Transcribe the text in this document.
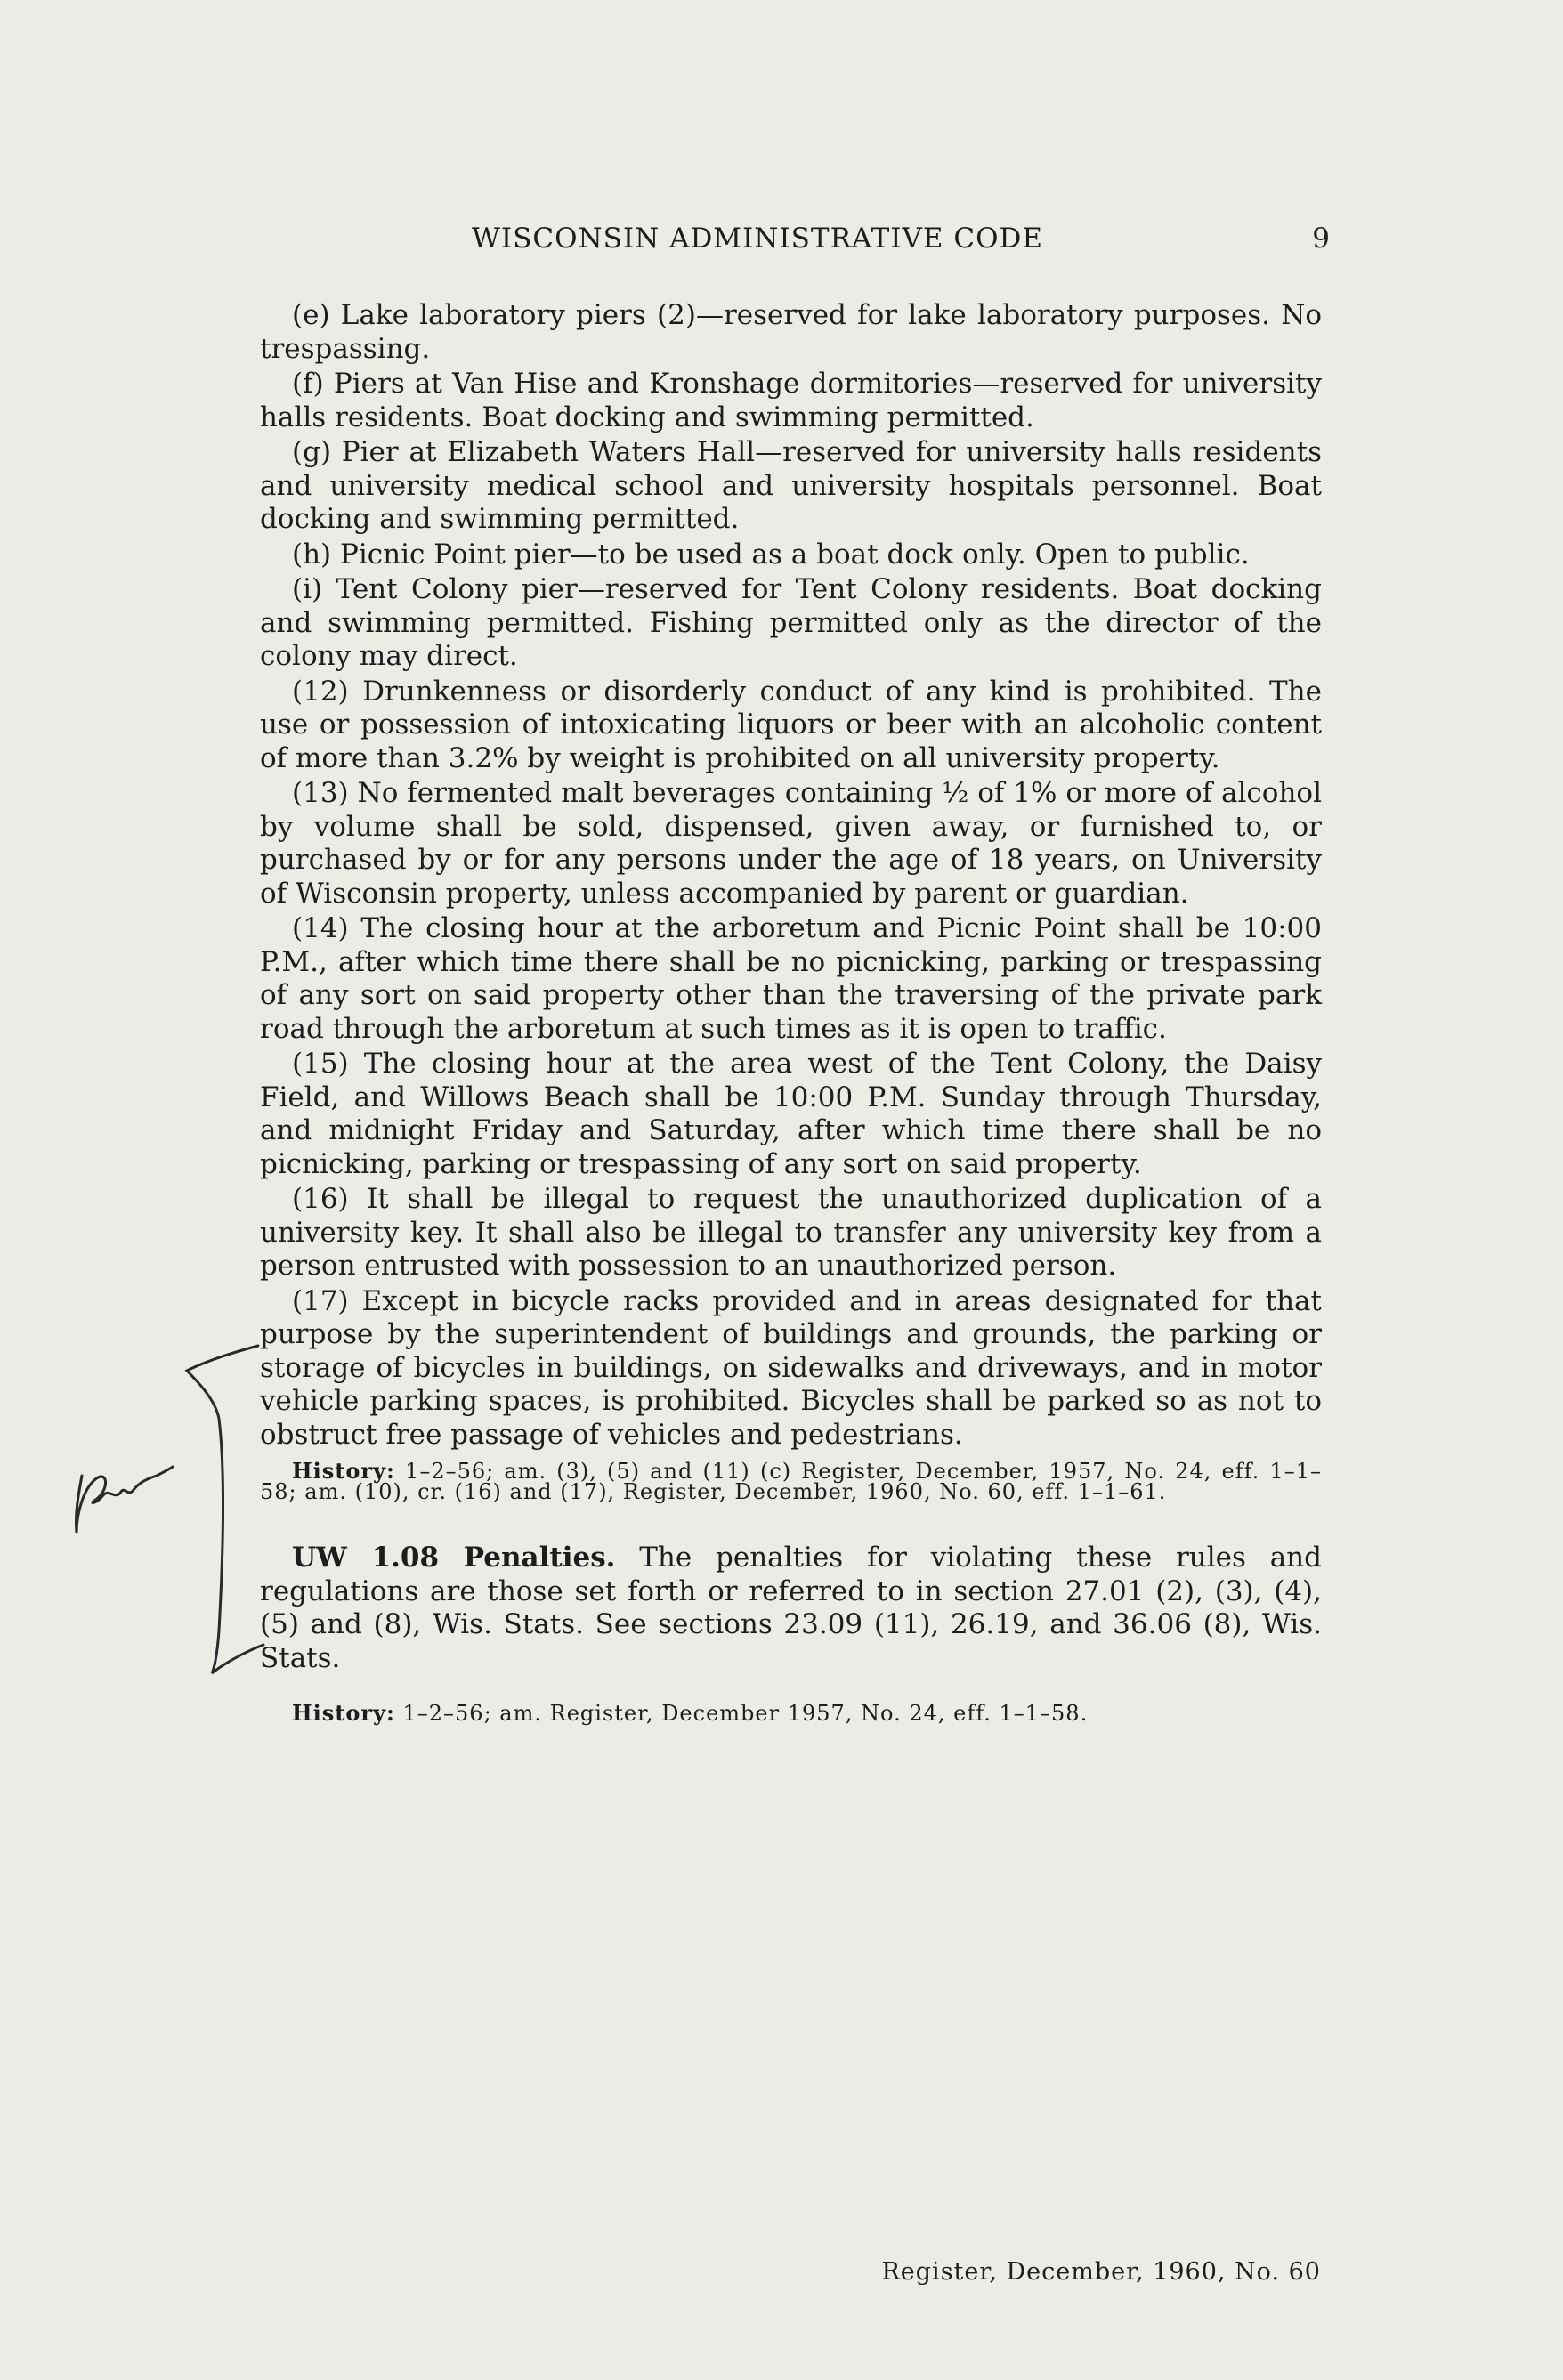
WISCONSIN ADMINISTRATIVE CODE	9

(e) Lake laboratory piers (2)—reserved for lake laboratory purposes. No trespassing.

(f) Piers at Van Hise and Kronshage dormitories—reserved for university halls residents. Boat docking and swimming permitted.

(g) Pier at Elizabeth Waters Hall—reserved for university halls residents and university medical school and university hospitals personnel. Boat docking and swimming permitted.

(h) Picnic Point pier—to be used as a boat dock only. Open to public.

(i) Tent Colony pier—reserved for Tent Colony residents. Boat docking and swimming permitted. Fishing permitted only as the director of the colony may direct.

(12) Drunkenness or disorderly conduct of any kind is prohibited. The use or possession of intoxicating liquors or beer with an alcoholic content of more than 3.2% by weight is prohibited on all university property.

(13) No fermented malt beverages containing ½ of 1% or more of alcohol by volume shall be sold, dispensed, given away, or furnished to, or purchased by or for any persons under the age of 18 years, on University of Wisconsin property, unless accompanied by parent or guardian.

(14) The closing hour at the arboretum and Picnic Point shall be 10:00 P.M., after which time there shall be no picnicking, parking or trespassing of any sort on said property other than the traversing of the private park road through the arboretum at such times as it is open to traffic.

(15) The closing hour at the area west of the Tent Colony, the Daisy Field, and Willows Beach shall be 10:00 P.M. Sunday through Thursday, and midnight Friday and Saturday, after which time there shall be no picnicking, parking or trespassing of any sort on said property.

(16) It shall be illegal to request the unauthorized duplication of a university key. It shall also be illegal to transfer any university key from a person entrusted with possession to an unauthorized person.

(17) Except in bicycle racks provided and in areas designated for that purpose by the superintendent of buildings and grounds, the parking or storage of bicycles in buildings, on sidewalks and driveways, and in motor vehicle parking spaces, is prohibited. Bicycles shall be parked so as not to obstruct free passage of vehicles and pedestrians.

History: 1–2–56; am. (3), (5) and (11) (c) Register, December, 1957, No. 24, eff. 1–1–58; am. (10), cr. (16) and (17), Register, December, 1960, No. 60, eff. 1–1–61.

UW 1.08 Penalties. The penalties for violating these rules and regulations are those set forth or referred to in section 27.01 (2), (3), (4), (5) and (8), Wis. Stats. See sections 23.09 (11), 26.19, and 36.06 (8), Wis. Stats.

History: 1–2–56; am. Register, December 1957, No. 24, eff. 1–1–58.

Register, December, 1960, No. 60
